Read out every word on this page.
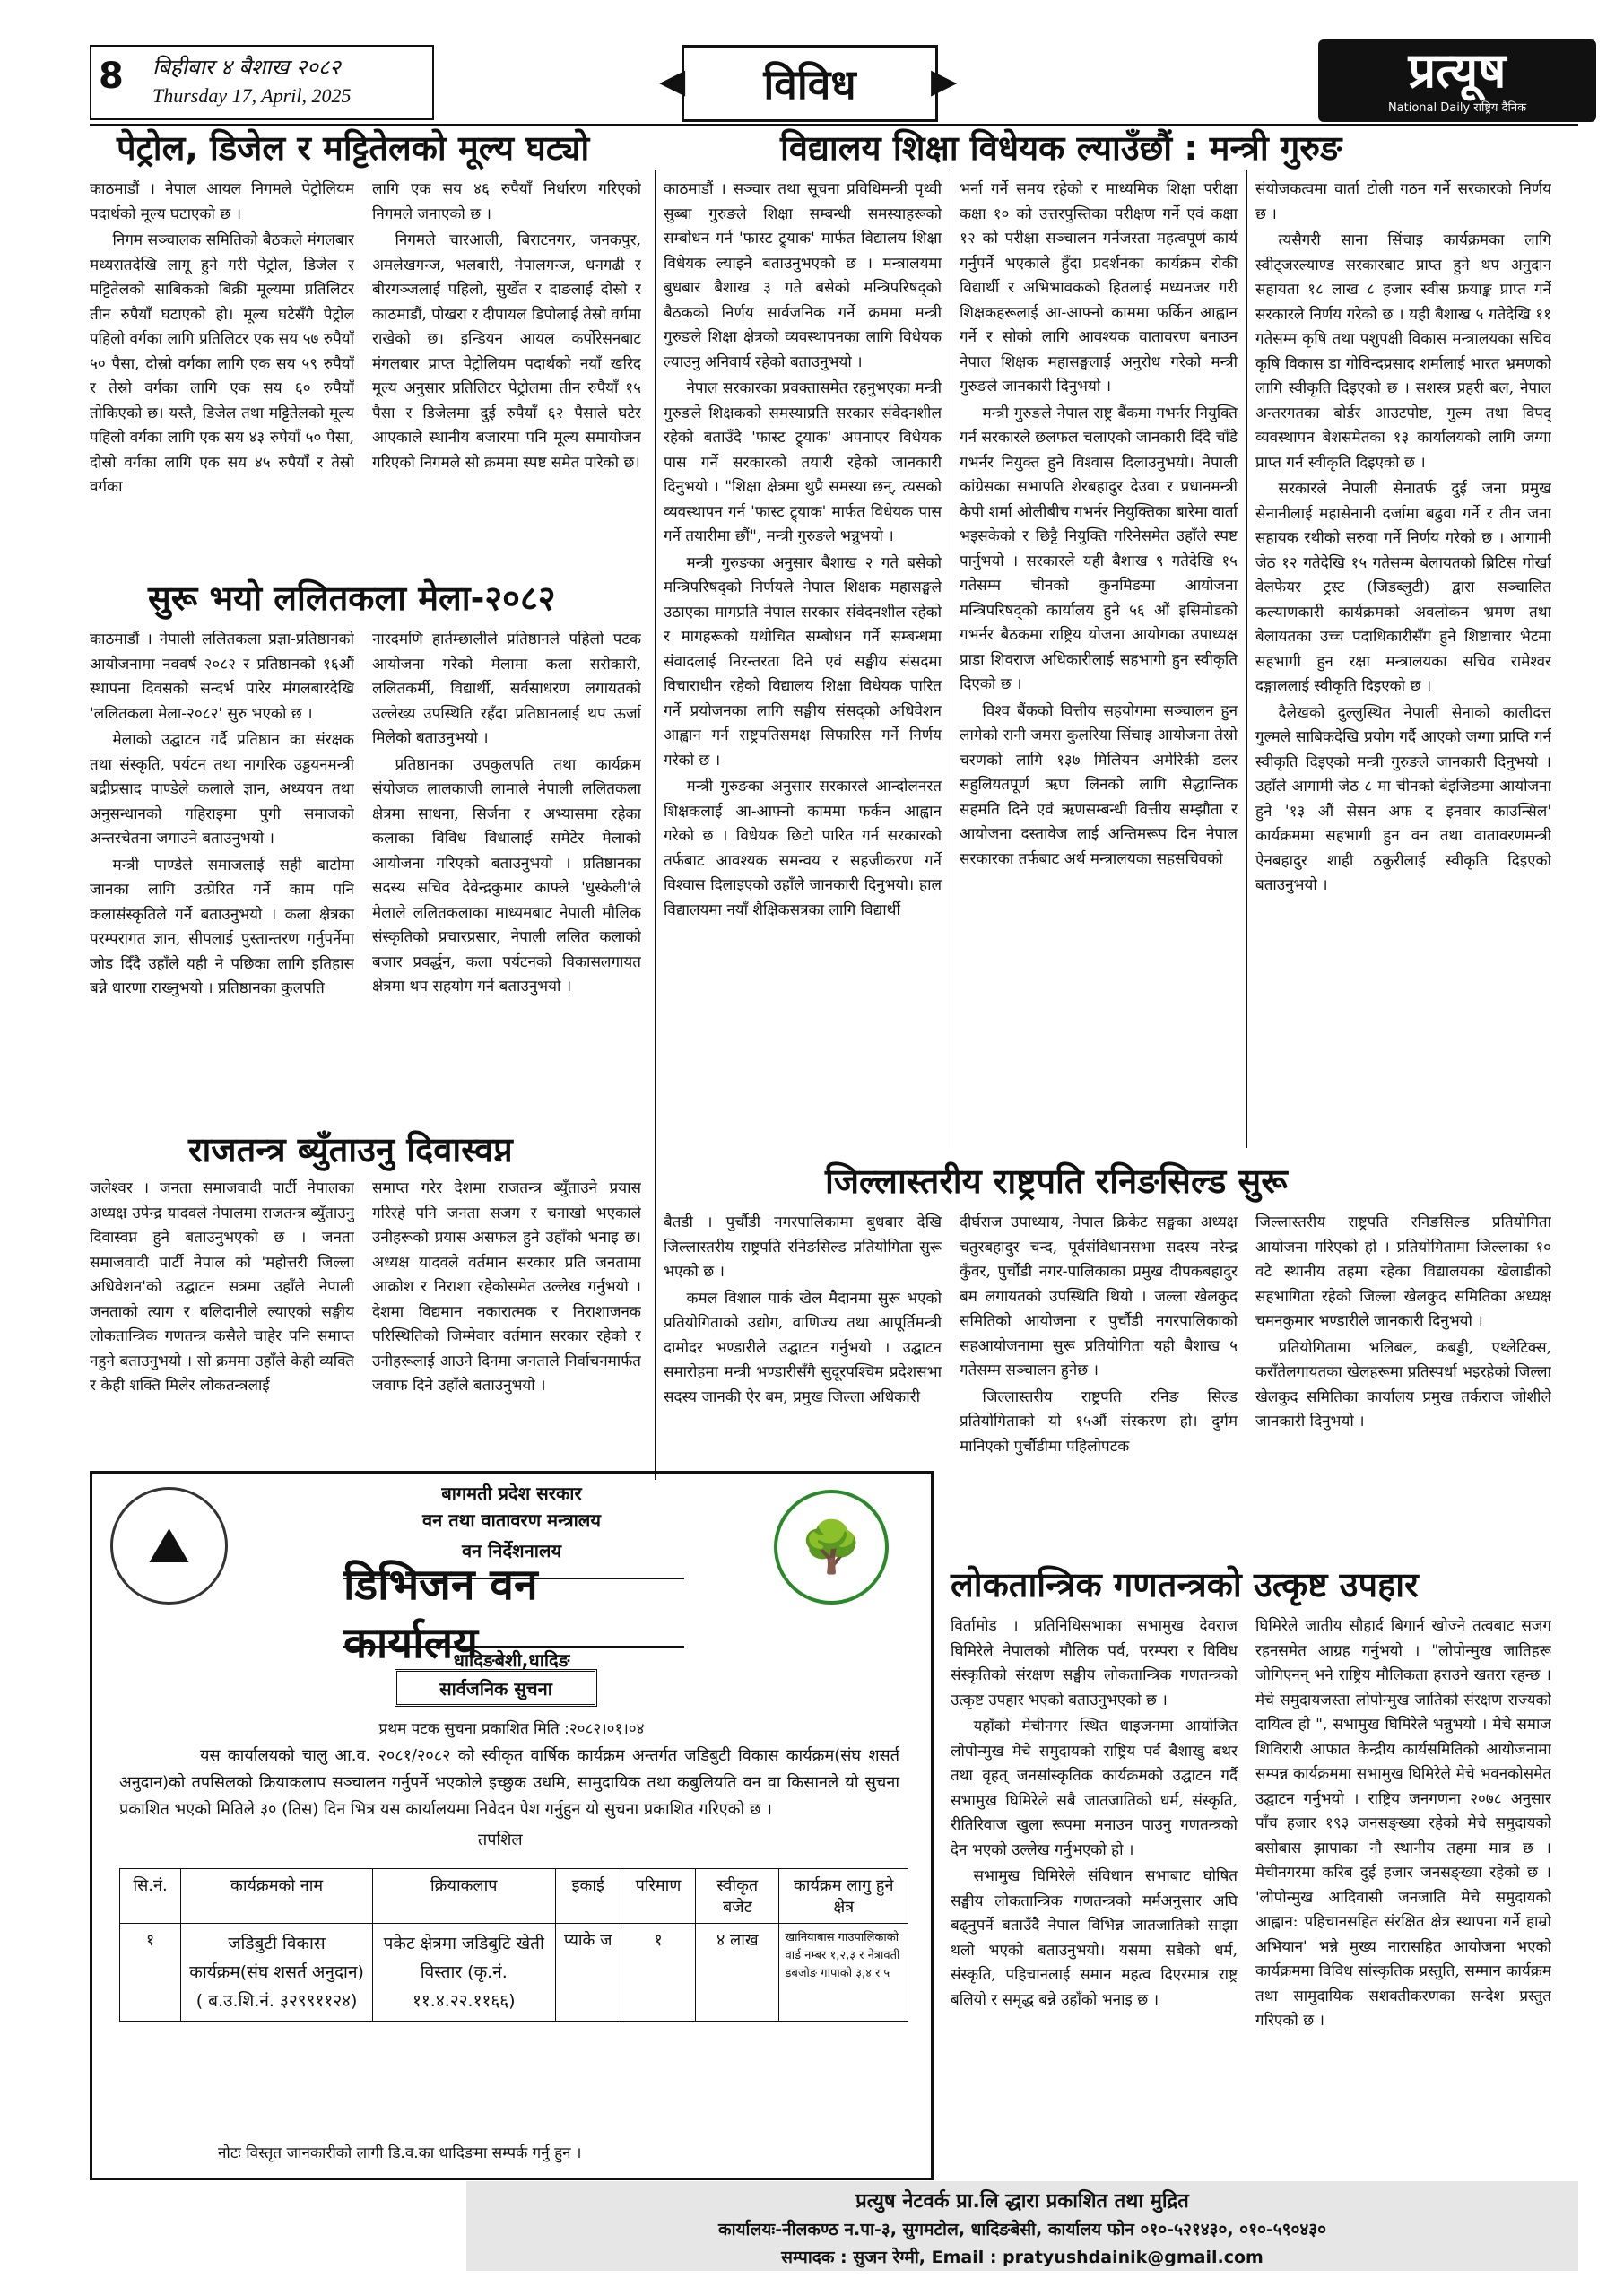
8 बिहीबार ४ बैशाख २०८२
Thursday 17, April, 2025	◀	विविध	▶	प्रत्यूष
National Daily राष्ट्रिय दैनिक
पेट्रोल, डिजेल र मट्टितेलको मूल्य घट्यो

काठमाडौं । नेपाल आयल निगमले पेट्रोलियम पदार्थको मूल्य घटाएको छ ।

निगम सञ्चालक समितिको बैठकले मंगलबार मध्यरातदेखि लागू हुने गरी पेट्रोल, डिजेल र मट्टितेलको साबिकको बिक्री मूल्यमा प्रतिलिटर तीन रुपैयाँ घटाएको हो। मूल्य घटेसँगै पेट्रोल पहिलो वर्गका लागि प्रतिलिटर एक सय ५७ रुपैयाँ ५० पैसा, दोस्रो वर्गका लागि एक सय ५९ रुपैयाँ र तेस्रो वर्गका लागि एक सय ६० रुपैयाँ तोकिएको छ। यस्तै, डिजेल तथा मट्टितेलको मूल्य पहिलो वर्गका लागि एक सय ४३ रुपैयाँ ५० पैसा, दोस्रो वर्गका लागि एक सय ४५ रुपैयाँ र तेस्रो वर्गका

लागि एक सय ४६ रुपैयाँ निर्धारण गरिएको निगमले जनाएको छ ।

निगमले चारआली, बिराटनगर, जनकपुर, अमलेखगन्ज, भलबारी, नेपालगन्ज, धनगढी र बीरगञ्जलाई पहिलो, सुर्खेत र दाङलाई दोस्रो र काठमाडौं, पोखरा र दीपायल डिपोलाई तेस्रो वर्गमा राखेको छ। इन्डियन आयल कर्पोरेसनबाट मंगलबार प्राप्त पेट्रोलियम पदार्थको नयाँ खरिद मूल्य अनुसार प्रतिलिटर पेट्रोलमा तीन रुपैयाँ १५ पैसा र डिजेलमा दुई रुपैयाँ ६२ पैसाले घटेर आएकाले स्थानीय बजारमा पनि मूल्य समायोजन गरिएको निगमले सो क्रममा स्पष्ट समेत पारेको छ।

सुरू भयो ललितकला मेला-२०८२

काठमाडौं । नेपाली ललितकला प्रज्ञा-प्रतिष्ठानको आयोजनामा नववर्ष २०८२ र प्रतिष्ठानको १६औं स्थापना दिवसको सन्दर्भ पारेर मंगलबारदेखि 'ललितकला मेला-२०८२' सुरु भएको छ ।

मेलाको उद्घाटन गर्दै प्रतिष्ठान का संरक्षक तथा संस्कृति, पर्यटन तथा नागरिक उड्डयनमन्त्री बद्रीप्रसाद पाण्डेले कलाले ज्ञान, अध्ययन तथा अनुसन्धानको गहिराइमा पुगी समाजको अन्तरचेतना जगाउने बताउनुभयो ।

मन्त्री पाण्डेले समाजलाई सही बाटोमा जानका लागि उत्प्रेरित गर्ने काम पनि कलासंस्कृतिले गर्ने बताउनुभयो । कला क्षेत्रका परम्परागत ज्ञान, सीपलाई पुस्तान्तरण गर्नुपर्नेमा जोड दिँदै उहाँले यही ने पछिका लागि इतिहास बन्ने धारणा राख्नुभयो । प्रतिष्ठानका कुलपति

नारदमणि हार्तम्छालीले प्रतिष्ठानले पहिलो पटक आयोजना गरेको मेलामा कला सरोकारी, ललितकर्मी, विद्यार्थी, सर्वसाधरण लगायतको उल्लेख्य उपस्थिति रहँदा प्रतिष्ठानलाई थप ऊर्जा मिलेको बताउनुभयो ।

प्रतिष्ठानका उपकुलपति तथा कार्यक्रम संयोजक लालकाजी लामाले नेपाली ललितकला क्षेत्रमा साधना, सिर्जना र अभ्यासमा रहेका कलाका विविध विधालाई समेटेर मेलाको आयोजना गरिएको बताउनुभयो । प्रतिष्ठानका सदस्य सचिव देवेन्द्रकुमार काफ्ले 'धुस्केली'ले मेलाले ललितकलाका माध्यमबाट नेपाली मौलिक संस्कृतिको प्रचारप्रसार, नेपाली ललित कलाको बजार प्रवर्द्धन, कला पर्यटनको विकासलगायत क्षेत्रमा थप सहयोग गर्ने बताउनुभयो ।

राजतन्त्र ब्युँताउनु दिवास्वप्न

जलेश्वर । जनता समाजवादी पार्टी नेपालका अध्यक्ष उपेन्द्र यादवले नेपालमा राजतन्त्र ब्युँताउनु दिवास्वप्न हुने बताउनुभएको छ । जनता समाजवादी पार्टी नेपाल को 'महोत्तरी जिल्ला अधिवेशन'को उद्घाटन सत्रमा उहाँले नेपाली जनताको त्याग र बलिदानीले ल्याएको सङ्घीय लोकतान्त्रिक गणतन्त्र कसैले चाहेर पनि समाप्त नहुने बताउनुभयो । सो क्रममा उहाँले केही व्यक्ति र केही शक्ति मिलेर लोकतन्त्रलाई

समाप्त गरेर देशमा राजतन्त्र ब्युँताउने प्रयास गरिरहे पनि जनता सजग र चनाखो भएकाले उनीहरूको प्रयास असफल हुने उहाँको भनाइ छ। अध्यक्ष यादवले वर्तमान सरकार प्रति जनतामा आक्रोश र निराशा रहेकोसमेत उल्लेख गर्नुभयो । देशमा विद्यमान नकारात्मक र निराशाजनक परिस्थितिको जिम्मेवार वर्तमान सरकार रहेको र उनीहरूलाई आउने दिनमा जनताले निर्वाचनमार्फत जवाफ दिने उहाँले बताउनुभयो ।

विद्यालय शिक्षा विधेयक ल्याउँछौं : मन्त्री गुरुङ

काठमाडौं । सञ्चार तथा सूचना प्रविधिमन्त्री पृथ्वी सुब्बा गुरुङले शिक्षा सम्बन्धी समस्याहरूको सम्बोधन गर्न 'फास्ट ट्र्याक' मार्फत विद्यालय शिक्षा विधेयक ल्याइने बताउनुभएको छ । मन्त्रालयमा बुधबार बैशाख ३ गते बसेको मन्त्रिपरिषद्को बैठकको निर्णय सार्वजनिक गर्ने क्रममा मन्त्री गुरुङले शिक्षा क्षेत्रको व्यवस्थापनका लागि विधेयक ल्याउनु अनिवार्य रहेको बताउनुभयो ।

नेपाल सरकारका प्रवक्तासमेत रहनुभएका मन्त्री गुरुङले शिक्षकको समस्याप्रति सरकार संवेदनशील रहेको बताउँदै 'फास्ट ट्र्याक' अपनाएर विधेयक पास गर्ने सरकारको तयारी रहेको जानकारी दिनुभयो । "शिक्षा क्षेत्रमा थुप्रै समस्या छन्, त्यसको व्यवस्थापन गर्न 'फास्ट ट्र्याक' मार्फत विधेयक पास गर्ने तयारीमा छौं", मन्त्री गुरुङले भन्नुभयो ।

मन्त्री गुरुङका अनुसार बैशाख २ गते बसेको मन्त्रिपरिषद्को निर्णयले नेपाल शिक्षक महासङ्घले उठाएका मागप्रति नेपाल सरकार संवेदनशील रहेको र मागहरूको यथोचित सम्बोधन गर्ने सम्बन्धमा संवादलाई निरन्तरता दिने एवं सङ्घीय संसदमा विचाराधीन रहेको विद्यालय शिक्षा विधेयक पारित गर्ने प्रयोजनका लागि सङ्घीय संसद्को अधिवेशन आह्वान गर्न राष्ट्रपतिसमक्ष सिफारिस गर्ने निर्णय गरेको छ ।

मन्त्री गुरुङका अनुसार सरकारले आन्दोलनरत शिक्षकलाई आ-आफ्नो काममा फर्कन आह्वान गरेको छ । विधेयक छिटो पारित गर्न सरकारको तर्फबाट आवश्यक समन्वय र सहजीकरण गर्ने विश्वास दिलाइएको उहाँले जानकारी दिनुभयो। हाल विद्यालयमा नयाँ शैक्षिकसत्रका लागि विद्यार्थी

भर्ना गर्ने समय रहेको र माध्यमिक शिक्षा परीक्षा कक्षा १० को उत्तरपुस्तिका परीक्षण गर्ने एवं कक्षा १२ को परीक्षा सञ्चालन गर्नेजस्ता महत्वपूर्ण कार्य गर्नुपर्ने भएकाले हुँदा प्रदर्शनका कार्यक्रम रोकी विद्यार्थी र अभिभावकको हितलाई मध्यनजर गरी शिक्षकहरूलाई आ-आफ्नो काममा फर्किन आह्वान गर्ने र सोको लागि आवश्यक वातावरण बनाउन नेपाल शिक्षक महासङ्घलाई अनुरोध गरेको मन्त्री गुरुङले जानकारी दिनुभयो ।

मन्त्री गुरुङले नेपाल राष्ट्र बैंकमा गभर्नर नियुक्ति गर्न सरकारले छलफल चलाएको जानकारी दिँदै चाँडै गभर्नर नियुक्त हुने विश्वास दिलाउनुभयो। नेपाली कांग्रेसका सभापति शेरबहादुर देउवा र प्रधानमन्त्री केपी शर्मा ओलीबीच गभर्नर नियुक्तिका बारेमा वार्ता भइसकेको र छिट्टै नियुक्ति गरिनेसमेत उहाँले स्पष्ट पार्नुभयो । सरकारले यही बैशाख ९ गतेदेखि १५ गतेसम्म चीनको कुनमिङमा आयोजना मन्त्रिपरिषद्को कार्यालय हुने ५६ औं इसिमोडको गभर्नर बैठकमा राष्ट्रिय योजना आयोगका उपाध्यक्ष प्राडा शिवराज अधिकारीलाई सहभागी हुन स्वीकृति दिएको छ ।

विश्व बैंकको वित्तीय सहयोगमा सञ्चालन हुन लागेको रानी जमरा कुलरिया सिंचाइ आयोजना तेस्रो चरणको लागि १३७ मिलियन अमेरिकी डलर सहुलियतपूर्ण ऋण लिनको लागि सैद्धान्तिक सहमति दिने एवं ऋणसम्बन्धी वित्तीय सम्झौता र आयोजना दस्तावेज लाई अन्तिमरूप दिन नेपाल सरकारका तर्फबाट अर्थ मन्त्रालयका सहसचिवको

संयोजकत्वमा वार्ता टोली गठन गर्ने सरकारको निर्णय छ ।

त्यसैगरी साना सिंचाइ कार्यक्रमका लागि स्वीट्जरल्याण्ड सरकारबाट प्राप्त हुने थप अनुदान सहायता १८ लाख ८ हजार स्वीस फ्रयाङ्क प्राप्त गर्ने सरकारले निर्णय गरेको छ । यही बैशाख ५ गतेदेखि ११ गतेसम्म कृषि तथा पशुपक्षी विकास मन्त्रालयका सचिव कृषि विकास डा गोविन्दप्रसाद शर्मालाई भारत भ्रमणको लागि स्वीकृति दिइएको छ । सशस्त्र प्रहरी बल, नेपाल अन्तरगतका बोर्डर आउटपोष्ट, गुल्म तथा विपद् व्यवस्थापन बेशसमेतका १३ कार्यालयको लागि जग्गा प्राप्त गर्न स्वीकृति दिइएको छ ।

सरकारले नेपाली सेनातर्फ दुई जना प्रमुख सेनानीलाई महासेनानी दर्जामा बढुवा गर्ने र तीन जना सहायक रथीको सरुवा गर्ने निर्णय गरेको छ । आगामी जेठ १२ गतेदेखि १५ गतेसम्म बेलायतको ब्रिटिस गोर्खा वेलफेयर ट्रस्ट (जिडब्लुटी) द्वारा सञ्चालित कल्याणकारी कार्यक्रमको अवलोकन भ्रमण तथा बेलायतका उच्च पदाधिकारीसँग हुने शिष्टाचार भेटमा सहभागी हुन रक्षा मन्त्रालयका सचिव रामेश्वर दङ्गाललाई स्वीकृति दिइएको छ ।

दैलेखको दुल्लुस्थित नेपाली सेनाको कालीदत्त गुल्मले साबिकदेखि प्रयोग गर्दै आएको जग्गा प्राप्ति गर्न स्वीकृति दिइएको मन्त्री गुरुङले जानकारी दिनुभयो । उहाँले आगामी जेठ ८ मा चीनको बेइजिङमा आयोजना हुने '१३ औं सेसन अफ द इनवार काउन्सिल' कार्यक्रममा सहभागी हुन वन तथा वातावरणमन्त्री ऐनबहादुर शाही ठकुरीलाई स्वीकृति दिइएको बताउनुभयो ।

जिल्लास्तरीय राष्ट्रपति रनिङसिल्ड सुरू

बैतडी । पुर्चौडी नगरपालिकामा बुधबार देखि जिल्लास्तरीय राष्ट्रपति रनिङसिल्ड प्रतियोगिता सुरू भएको छ ।

कमल विशाल पार्क खेल मैदानमा सुरू भएको प्रतियोगिताको उद्योग, वाणिज्य तथा आपूर्तिमन्त्री दामोदर भण्डारीले उद्घाटन गर्नुभयो । उद्घाटन समारोहमा मन्त्री भण्डारीसँगै सुदूरपश्चिम प्रदेशसभा सदस्य जानकी ऐर बम, प्रमुख जिल्ला अधिकारी

दीर्घराज उपाध्याय, नेपाल क्रिकेट सङ्घका अध्यक्ष चतुरबहादुर चन्द, पूर्वसंविधानसभा सदस्य नरेन्द्र कुँवर, पुर्चौडी नगर-पालिकाका प्रमुख दीपकबहादुर बम लगायतको उपस्थिति थियो । जल्ला खेलकुद समितिको आयोजना र पुर्चौडी नगरपालिकाको सहआयोजनामा सुरू प्रतियोगिता यही बैशाख ५ गतेसम्म सञ्चालन हुनेछ ।

जिल्लास्तरीय राष्ट्रपति रनिङ सिल्ड प्रतियोगिताको यो १५औं संस्करण हो। दुर्गम मानिएको पुर्चौडीमा पहिलोपटक

जिल्लास्तरीय राष्ट्रपति रनिङसिल्ड प्रतियोगिता आयोजना गरिएको हो । प्रतियोगितामा जिल्लाका १० वटै स्थानीय तहमा रहेका विद्यालयका खेलाडीको सहभागिता रहेको जिल्ला खेलकुद समितिका अध्यक्ष चमनकुमार भण्डारीले जानकारी दिनुभयो ।

प्रतियोगितामा भलिबल, कबड्डी, एथ्लेटिक्स, कराँतेलगायतका खेलहरूमा प्रतिस्पर्धा भइरहेको जिल्ला खेलकुद समितिका कार्यालय प्रमुख तर्कराज जोशीले जानकारी दिनुभयो ।

लोकतान्त्रिक गणतन्त्रको उत्कृष्ट उपहार

विर्तामोड । प्रतिनिधिसभाका सभामुख देवराज घिमिरेले नेपालको मौलिक पर्व, परम्परा र विविध संस्कृतिको संरक्षण सङ्घीय लोकतान्त्रिक गणतन्त्रको उत्कृष्ट उपहार भएको बताउनुभएको छ ।

यहाँको मेचीनगर स्थित धाइजनमा आयोजित लोपोन्मुख मेचे समुदायको राष्ट्रिय पर्व बैशाखु बथर तथा वृहत् जनसांस्कृतिक कार्यक्रमको उद्घाटन गर्दै सभामुख घिमिरेले सबै जातजातिको धर्म, संस्कृति, रीतिरिवाज खुला रूपमा मनाउन पाउनु गणतन्त्रको देन भएको उल्लेख गर्नुभएको हो ।

सभामुख घिमिरेले संविधान सभाबाट घोषित सङ्घीय लोकतान्त्रिक गणतन्त्रको मर्मअनुसार अघि बढ्नुपर्ने बताउँदै नेपाल विभिन्न जातजातिको साझा थलो भएको बताउनुभयो। यसमा सबैको धर्म, संस्कृति, पहिचानलाई समान महत्व दिएरमात्र राष्ट्र बलियो र समृद्ध बन्ने उहाँको भनाइ छ ।

घिमिरेले जातीय सौहार्द बिगार्न खोज्ने तत्वबाट सजग रहनसमेत आग्रह गर्नुभयो । "लोपोन्मुख जातिहरू जोगिएनन् भने राष्ट्रिय मौलिकता हराउने खतरा रहन्छ । मेचे समुदायजस्ता लोपोन्मुख जातिको संरक्षण राज्यको दायित्व हो ", सभामुख घिमिरेले भन्नुभयो । मेचे समाज शिविरारी आफात केन्द्रीय कार्यसमितिको आयोजनामा सम्पन्न कार्यक्रममा सभामुख घिमिरेले मेचे भवनकोसमेत उद्घाटन गर्नुभयो । राष्ट्रिय जनगणना २०७८ अनुसार पाँच हजार १९३ जनसङ्ख्या रहेको मेचे समुदायको बसोबास झापाका नौ स्थानीय तहमा मात्र छ । मेचीनगरमा करिब दुई हजार जनसङ्ख्या रहेको छ । 'लोपोन्मुख आदिवासी जनजाति मेचे समुदायको आह्वान: पहिचानसहित संरक्षित क्षेत्र स्थापना गर्ने हाम्रो अभियान' भन्ने मुख्य नारासहित आयोजना भएको कार्यक्रममा विविध सांस्कृतिक प्रस्तुति, सम्मान कार्यक्रम तथा सामुदायिक सशक्तीकरणका सन्देश प्रस्तुत गरिएको छ ।

⛰
बागमती प्रदेश सरकार
वन तथा वातावरण मन्त्रालय
वन निर्देशनालय	🌳
डिभिजन वन कार्यालय
धादिङबेशी,धादिङ
सार्वजनिक सुचना
प्रथम पटक सुचना प्रकाशित मिति :२०८२।०१।०४
यस कार्यालयको चालु आ.व. २०८१/२०८२ को स्वीकृत वार्षिक कार्यक्रम अन्तर्गत जडिबुटी विकास कार्यक्रम(संघ शसर्त अनुदान)को तपसिलको क्रियाकलाप सञ्चालन गर्नुपर्ने भएकोले इच्छुक उधमि, सामुदायिक तथा कबुलियति वन वा किसानले यो सुचना प्रकाशित भएको मितिले ३० (तिस) दिन भित्र यस कार्यालयमा निवेदन पेश गर्नुहुन यो सुचना प्रकाशित गरिएको छ ।
तपशिल
सि.नं.	कार्यक्रमको नाम	क्रियाकलाप	इकाई	परिमाण	स्वीकृत बजेट	कार्यक्रम लागु हुने क्षेत्र
१	जडिबुटी विकास कार्यक्रम(संघ शसर्त अनुदान) ( ब.उ.शि.नं. ३२९९११२४)	पकेट क्षेत्रमा जडिबुटि खेती विस्तार (कृ.नं. ११.४.२२.११६६)	प्याके ज	१	४ लाख	खानियाबास गाउपालिकाको वार्ड नम्बर १,२,३ र नेत्रावती डबजोङ गापाको ३,४ र ५
नोटः विस्तृत जानकारीको लागी डि.व.का धादिङमा सम्पर्क गर्नु हुन ।
प्रत्युष नेटवर्क प्रा.लि द्धारा प्रकाशित तथा मुद्रित
कार्यालयः-नीलकण्ठ न.पा-३, सुगमटोल, धादिङबेसी, कार्यालय फोन ०१०-५२१४३०, ०१०-५९०४३०
सम्पादक : सुजन रेग्मी, Email : pratyushdainik@gmail.com
